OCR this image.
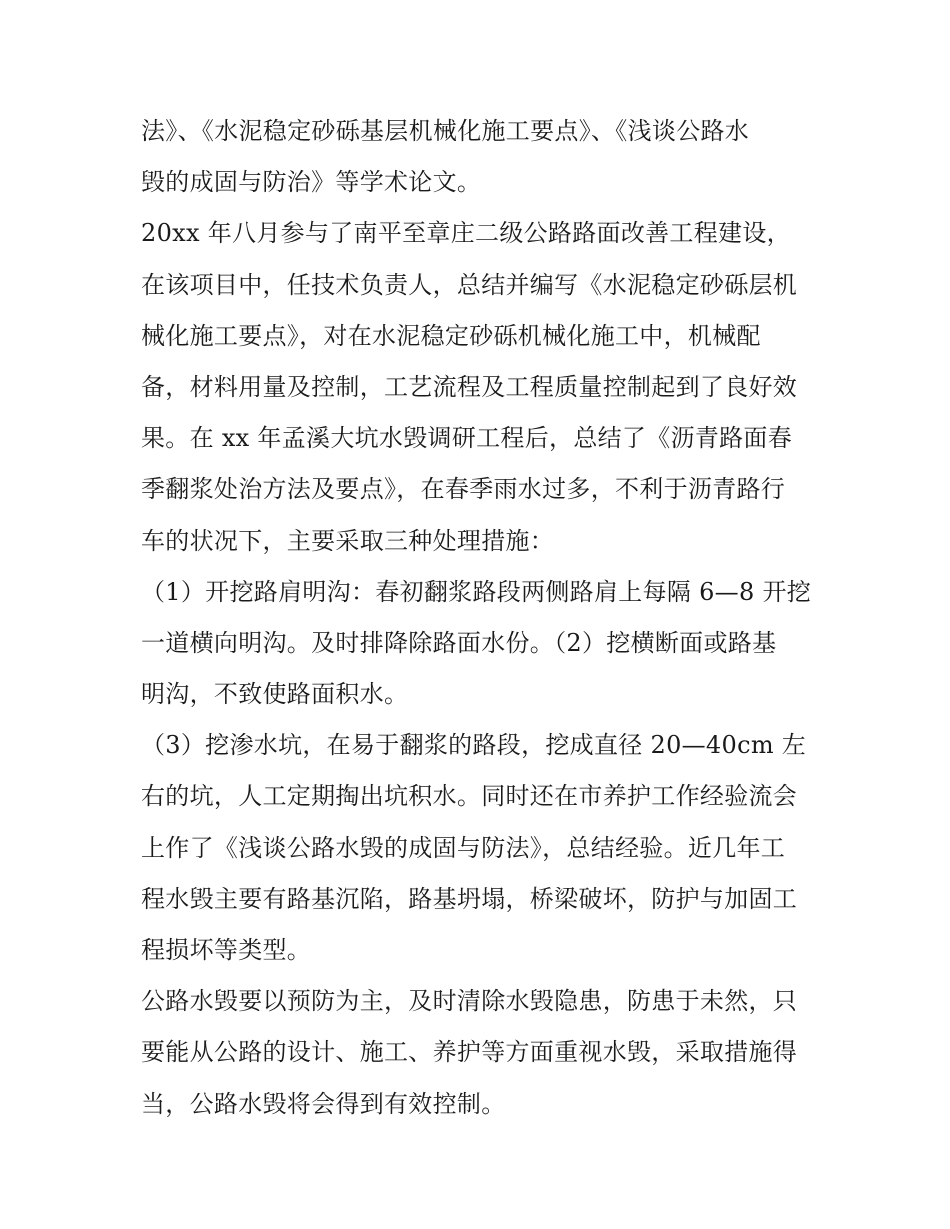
法》、《水泥稳定砂砾基层机械化施工要点》、《浅谈公路水
毁的成固与防治》等学术论文。
20xx 年八月参与了南平至章庄二级公路路面改善工程建设，
在该项目中，任技术负责人，总结并编写《水泥稳定砂砾层机
械化施工要点》，对在水泥稳定砂砾机械化施工中，机械配
备，材料用量及控制，工艺流程及工程质量控制起到了良好效
果。在 xx 年孟溪大坑水毁调研工程后，总结了《沥青路面春
季翻浆处治方法及要点》，在春季雨水过多，不利于沥青路行
车的状况下，主要采取三种处理措施：
（1）开挖路肩明沟：春初翻浆路段两侧路肩上每隔 6—8 开挖
一道横向明沟。及时排降除路面水份。（2）挖横断面或路基
明沟，不致使路面积水。
（3）挖渗水坑，在易于翻浆的路段，挖成直径 20—40cm 左
右的坑，人工定期掏出坑积水。同时还在市养护工作经验流会
上作了《浅谈公路水毁的成固与防法》，总结经验。近几年工
程水毁主要有路基沉陷，路基坍塌，桥梁破坏，防护与加固工
程损坏等类型。
公路水毁要以预防为主，及时清除水毁隐患，防患于未然，只
要能从公路的设计、施工、养护等方面重视水毁，采取措施得
当，公路水毁将会得到有效控制。
